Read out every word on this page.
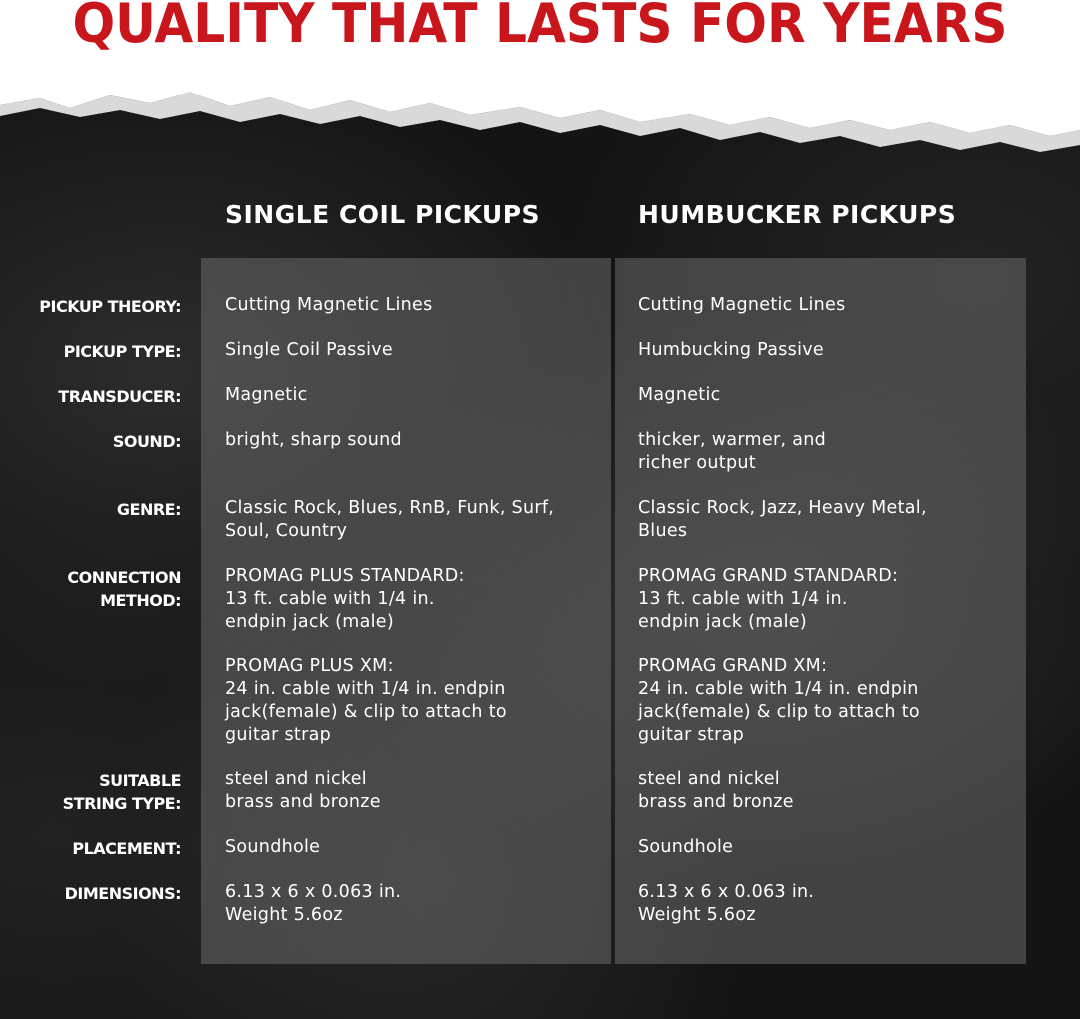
QUALITY THAT LASTS FOR YEARS
SINGLE COIL PICKUPS	HUMBUCKER PICKUPS
PICKUP THEORY:
PICKUP TYPE:
TRANSDUCER:
SOUND:
GENRE:
CONNECTION
METHOD:
SUITABLE
STRING TYPE:
PLACEMENT:
DIMENSIONS:
Cutting Magnetic Lines
Single Coil Passive
Magnetic
bright, sharp sound
Classic Rock, Blues, RnB, Funk, Surf,
Soul, Country
PROMAG PLUS STANDARD:
13 ft. cable with 1/4 in.
endpin jack (male)
PROMAG PLUS XM:
24 in. cable with 1/4 in. endpin
jack(female) & clip to attach to
guitar strap
steel and nickel
brass and bronze
Soundhole
6.13 x 6 x 0.063 in.
Weight 5.6oz
Cutting Magnetic Lines
Humbucking Passive
Magnetic
thicker, warmer, and
richer output
Classic Rock, Jazz, Heavy Metal,
Blues
PROMAG GRAND STANDARD:
13 ft. cable with 1/4 in.
endpin jack (male)
PROMAG GRAND XM:
24 in. cable with 1/4 in. endpin
jack(female) & clip to attach to
guitar strap
steel and nickel
brass and bronze
Soundhole
6.13 x 6 x 0.063 in.
Weight 5.6oz
